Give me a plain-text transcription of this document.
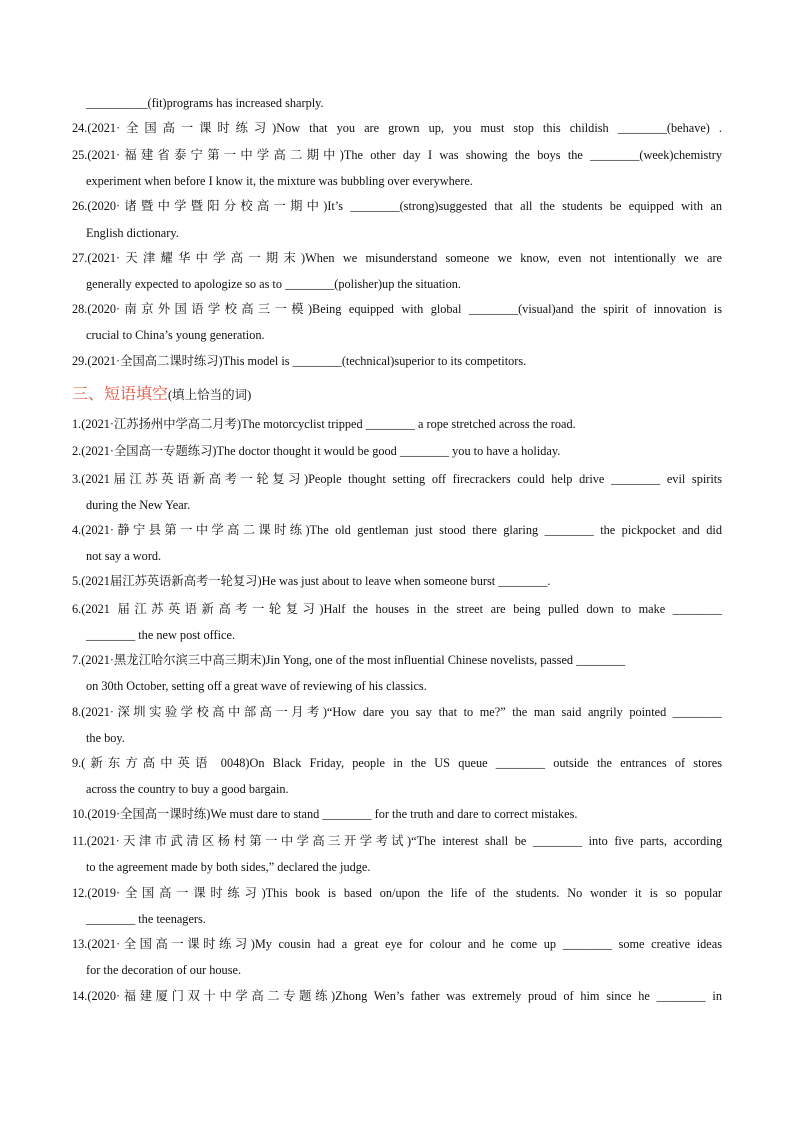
__________(fit)programs has increased sharply.
24.(2021·全国高一课时练习)Now that you are grown up, you must stop this childish ________(behave) .
25.(2021·福建省泰宁第一中学高二期中)The other day I was showing the boys the ________(week)chemistry
experiment when before I know it, the mixture was bubbling over everywhere.
26.(2020·诸暨中学暨阳分校高一期中)It’s ________(strong)suggested that all the students be equipped with an
English dictionary.
27.(2021·天津耀华中学高一期末)When we misunderstand someone we know, even not intentionally we are
generally expected to apologize so as to ________(polisher)up the situation.
28.(2020·南京外国语学校高三一模)Being equipped with global ________(visual)and the spirit of innovation is
crucial to China’s young generation.
29.(2021·全国高二课时练习)This model is ________(technical)superior to its competitors.
三、短语填空(填上恰当的词)
1.(2021·江苏扬州中学高二月考)The motorcyclist tripped ________ a rope stretched across the road.
2.(2021·全国高一专题练习)The doctor thought it would be good ________ you to have a holiday.
3.(2021届江苏英语新高考一轮复习)People thought setting off firecrackers could help drive ________ evil spirits
during the New Year.
4.(2021·静宁县第一中学高二课时练)The old gentleman just stood there glaring ________ the pickpocket and did
not say a word.
5.(2021届江苏英语新高考一轮复习)He was just about to leave when someone burst ________.
6.(2021 届江苏英语新高考一轮复习)Half the houses in the street are being pulled down to make ________
________ the new post office.
7.(2021·黑龙江哈尔滨三中高三期末)Jin Yong, one of the most influential Chinese novelists, passed ________
on 30th October, setting off a great wave of reviewing of his classics.
8.(2021·深圳实验学校高中部高一月考)“How dare you say that to me?” the man said angrily pointed ________
the boy.
9.(新东方高中英语 0048)On Black Friday, people in the US queue ________ outside the entrances of stores
across the country to buy a good bargain.
10.(2019·全国高一课时练)We must dare to stand ________ for the truth and dare to correct mistakes.
11.(2021·天津市武清区杨村第一中学高三开学考试)“The interest shall be ________ into five parts, according
to the agreement made by both sides,” declared the judge.
12.(2019·全国高一课时练习)This book is based on/upon the life of the students. No wonder it is so popular
________ the teenagers.
13.(2021·全国高一课时练习)My cousin had a great eye for colour and he come up ________ some creative ideas
for the decoration of our house.
14.(2020·福建厦门双十中学高二专题练)Zhong Wen’s father was extremely proud of him since he ________ in
